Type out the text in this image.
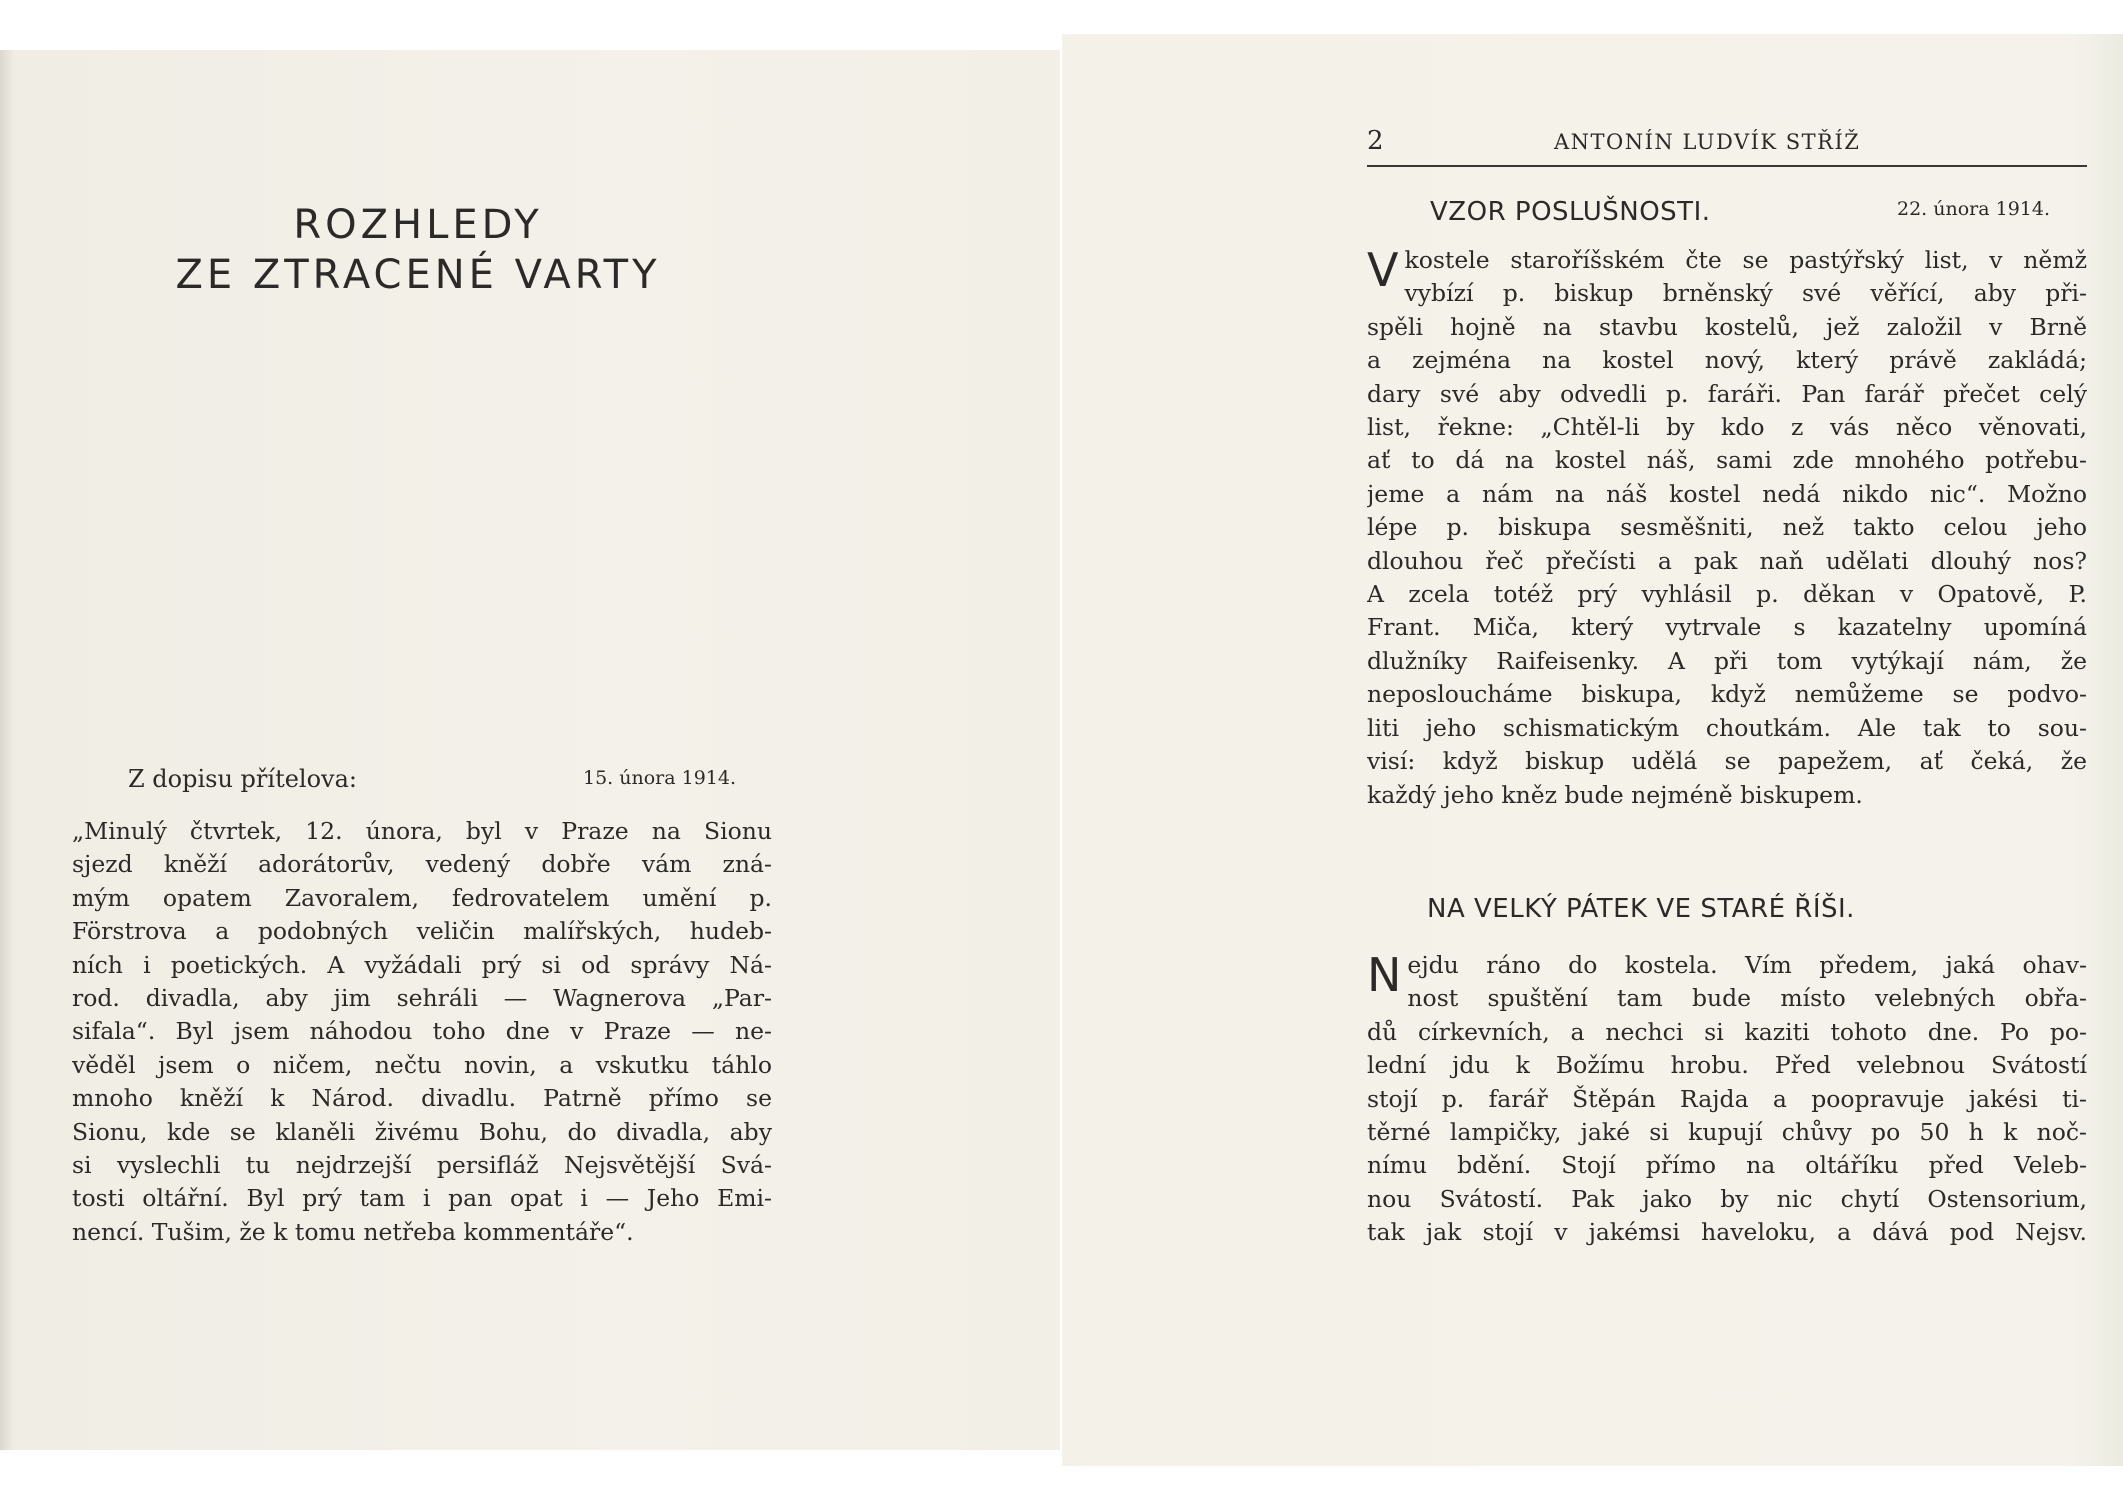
ROZHLEDY
ZE ZTRACENÉ VARTY
Z dopisu přítelova:	15. února 1914.
„Minulý čtvrtek, 12. února, byl v Praze na Sionu
sjezd kněží adorátorův, vedený dobře vám zná-
mým opatem Zavoralem, fedrovatelem umění p.
Förstrova a podobných veličin malířských, hudeb-
ních i poetických. A vyžádali prý si od správy Ná-
rod. divadla, aby jim sehráli — Wagnerova „Par-
sifala“. Byl jsem náhodou toho dne v Praze — ne-
věděl jsem o ničem, nečtu novin, a vskutku táhlo
mnoho kněží k Národ. divadlu. Patrně přímo se
Sionu, kde se klaněli živému Bohu, do divadla, aby
si vyslechli tu nejdrzejší persifláž Nejsvětější Svá-
tosti oltářní. Byl prý tam i pan opat i — Jeho Emi-
nencí. Tušim, že k tomu netřeba kommentáře“.
2	ANTONÍN LUDVÍK STŘÍŽ
VZOR POSLUŠNOSTI.	22. února 1914.
V kostele staroříšském čte se pastýřský list, v němž
vybízí p. biskup brněnský své věřící, aby při-
spěli hojně na stavbu kostelů, jež založil v Brně
a zejména na kostel nový, který právě zakládá;
dary své aby odvedli p. faráři. Pan farář přečet celý
list, řekne: „Chtěl-li by kdo z vás něco věnovati,
ať to dá na kostel náš, sami zde mnohého potřebu-
jeme a nám na náš kostel nedá nikdo nic“. Možno
lépe p. biskupa sesměšniti, než takto celou jeho
dlouhou řeč přečísti a pak naň udělati dlouhý nos?
A zcela totéž prý vyhlásil p. děkan v Opatově, P.
Frant. Miča, který vytrvale s kazatelny upomíná
dlužníky Raifeisenky. A při tom vytýkají nám, že
neposloucháme biskupa, když nemůžeme se podvo-
liti jeho schismatickým choutkám. Ale tak to sou-
visí: když biskup udělá se papežem, ať čeká, že
každý jeho kněz bude nejméně biskupem.
NA VELKÝ PÁTEK VE STARÉ ŘÍŠI.
N ejdu ráno do kostela. Vím předem, jaká ohav-
nost spuštění tam bude místo velebných obřa-
dů církevních, a nechci si kaziti tohoto dne. Po po-
lední jdu k Božímu hrobu. Před velebnou Svátostí
stojí p. farář Štěpán Rajda a poopravuje jakési ti-
těrné lampičky, jaké si kupují chůvy po 50 h k noč-
nímu bdění. Stojí přímo na oltáříku před Veleb-
nou Svátostí. Pak jako by nic chytí Ostensorium,
tak jak stojí v jakémsi haveloku, a dává pod Nejsv.
